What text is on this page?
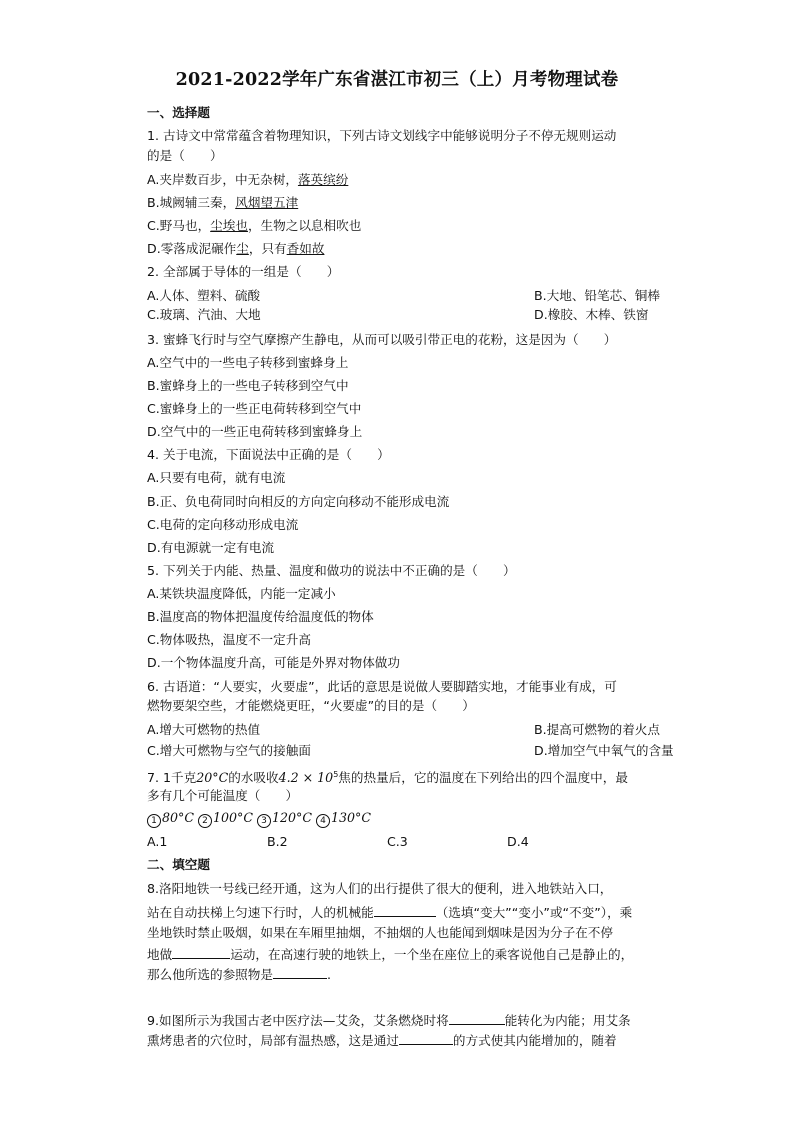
2021-2022学年广东省湛江市初三（上）月考物理试卷
一、选择题
1. 古诗文中常常蕴含着物理知识，下列古诗文划线字中能够说明分子不停无规则运动
的是（　　）
A.夹岸数百步，中无杂树，落英缤纷
B.城阙辅三秦，风烟望五津
C.野马也，尘埃也，生物之以息相吹也
D.零落成泥碾作尘，只有香如故
2. 全部属于导体的一组是（　　）
A.人体、塑料、硫酸	B.大地、铅笔芯、铜棒
C.玻璃、汽油、大地	D.橡胶、木棒、铁窗
3. 蜜蜂飞行时与空气摩擦产生静电，从而可以吸引带正电的花粉，这是因为（　　）
A.空气中的一些电子转移到蜜蜂身上
B.蜜蜂身上的一些电子转移到空气中
C.蜜蜂身上的一些正电荷转移到空气中
D.空气中的一些正电荷转移到蜜蜂身上
4. 关于电流，下面说法中正确的是（　　）
A.只要有电荷，就有电流
B.正、负电荷同时向相反的方向定向移动不能形成电流
C.电荷的定向移动形成电流
D.有电源就一定有电流
5. 下列关于内能、热量、温度和做功的说法中不正确的是（　　）
A.某铁块温度降低，内能一定减小
B.温度高的物体把温度传给温度低的物体
C.物体吸热，温度不一定升高
D.一个物体温度升高，可能是外界对物体做功
6. 古语道：“人要实，火要虚”，此话的意思是说做人要脚踏实地，才能事业有成，可
燃物要架空些，才能燃烧更旺，“火要虚”的目的是（　　）
A.增大可燃物的热值	B.提高可燃物的着火点
C.增大可燃物与空气的接触面	D.增加空气中氧气的含量
7. 1千克20°C的水吸收$4.2 \times 10^5$焦的热量后，它的温度在下列给出的四个温度中，最
多有几个可能温度（　　）
1 80°C 2 100°C 3 120°C 4 130°C
A.1	B.2	C.3	D.4
二、填空题
8.洛阳地铁一号线已经开通，这为人们的出行提供了很大的便利，进入地铁站入口，
站在自动扶梯上匀速下行时，人的机械能	（选填“变大”“变小”或“不变”），乘
坐地铁时禁止吸烟，如果在车厢里抽烟，不抽烟的人也能闻到烟味是因为分子在不停
地做	运动，在高速行驶的地铁上，一个坐在座位上的乘客说他自己是静止的，
那么他所选的参照物是	.
9.如图所示为我国古老中医疗法—艾灸，艾条燃烧时将	能转化为内能；用艾条
熏烤患者的穴位时，局部有温热感，这是通过	的方式使其内能增加的，随着
